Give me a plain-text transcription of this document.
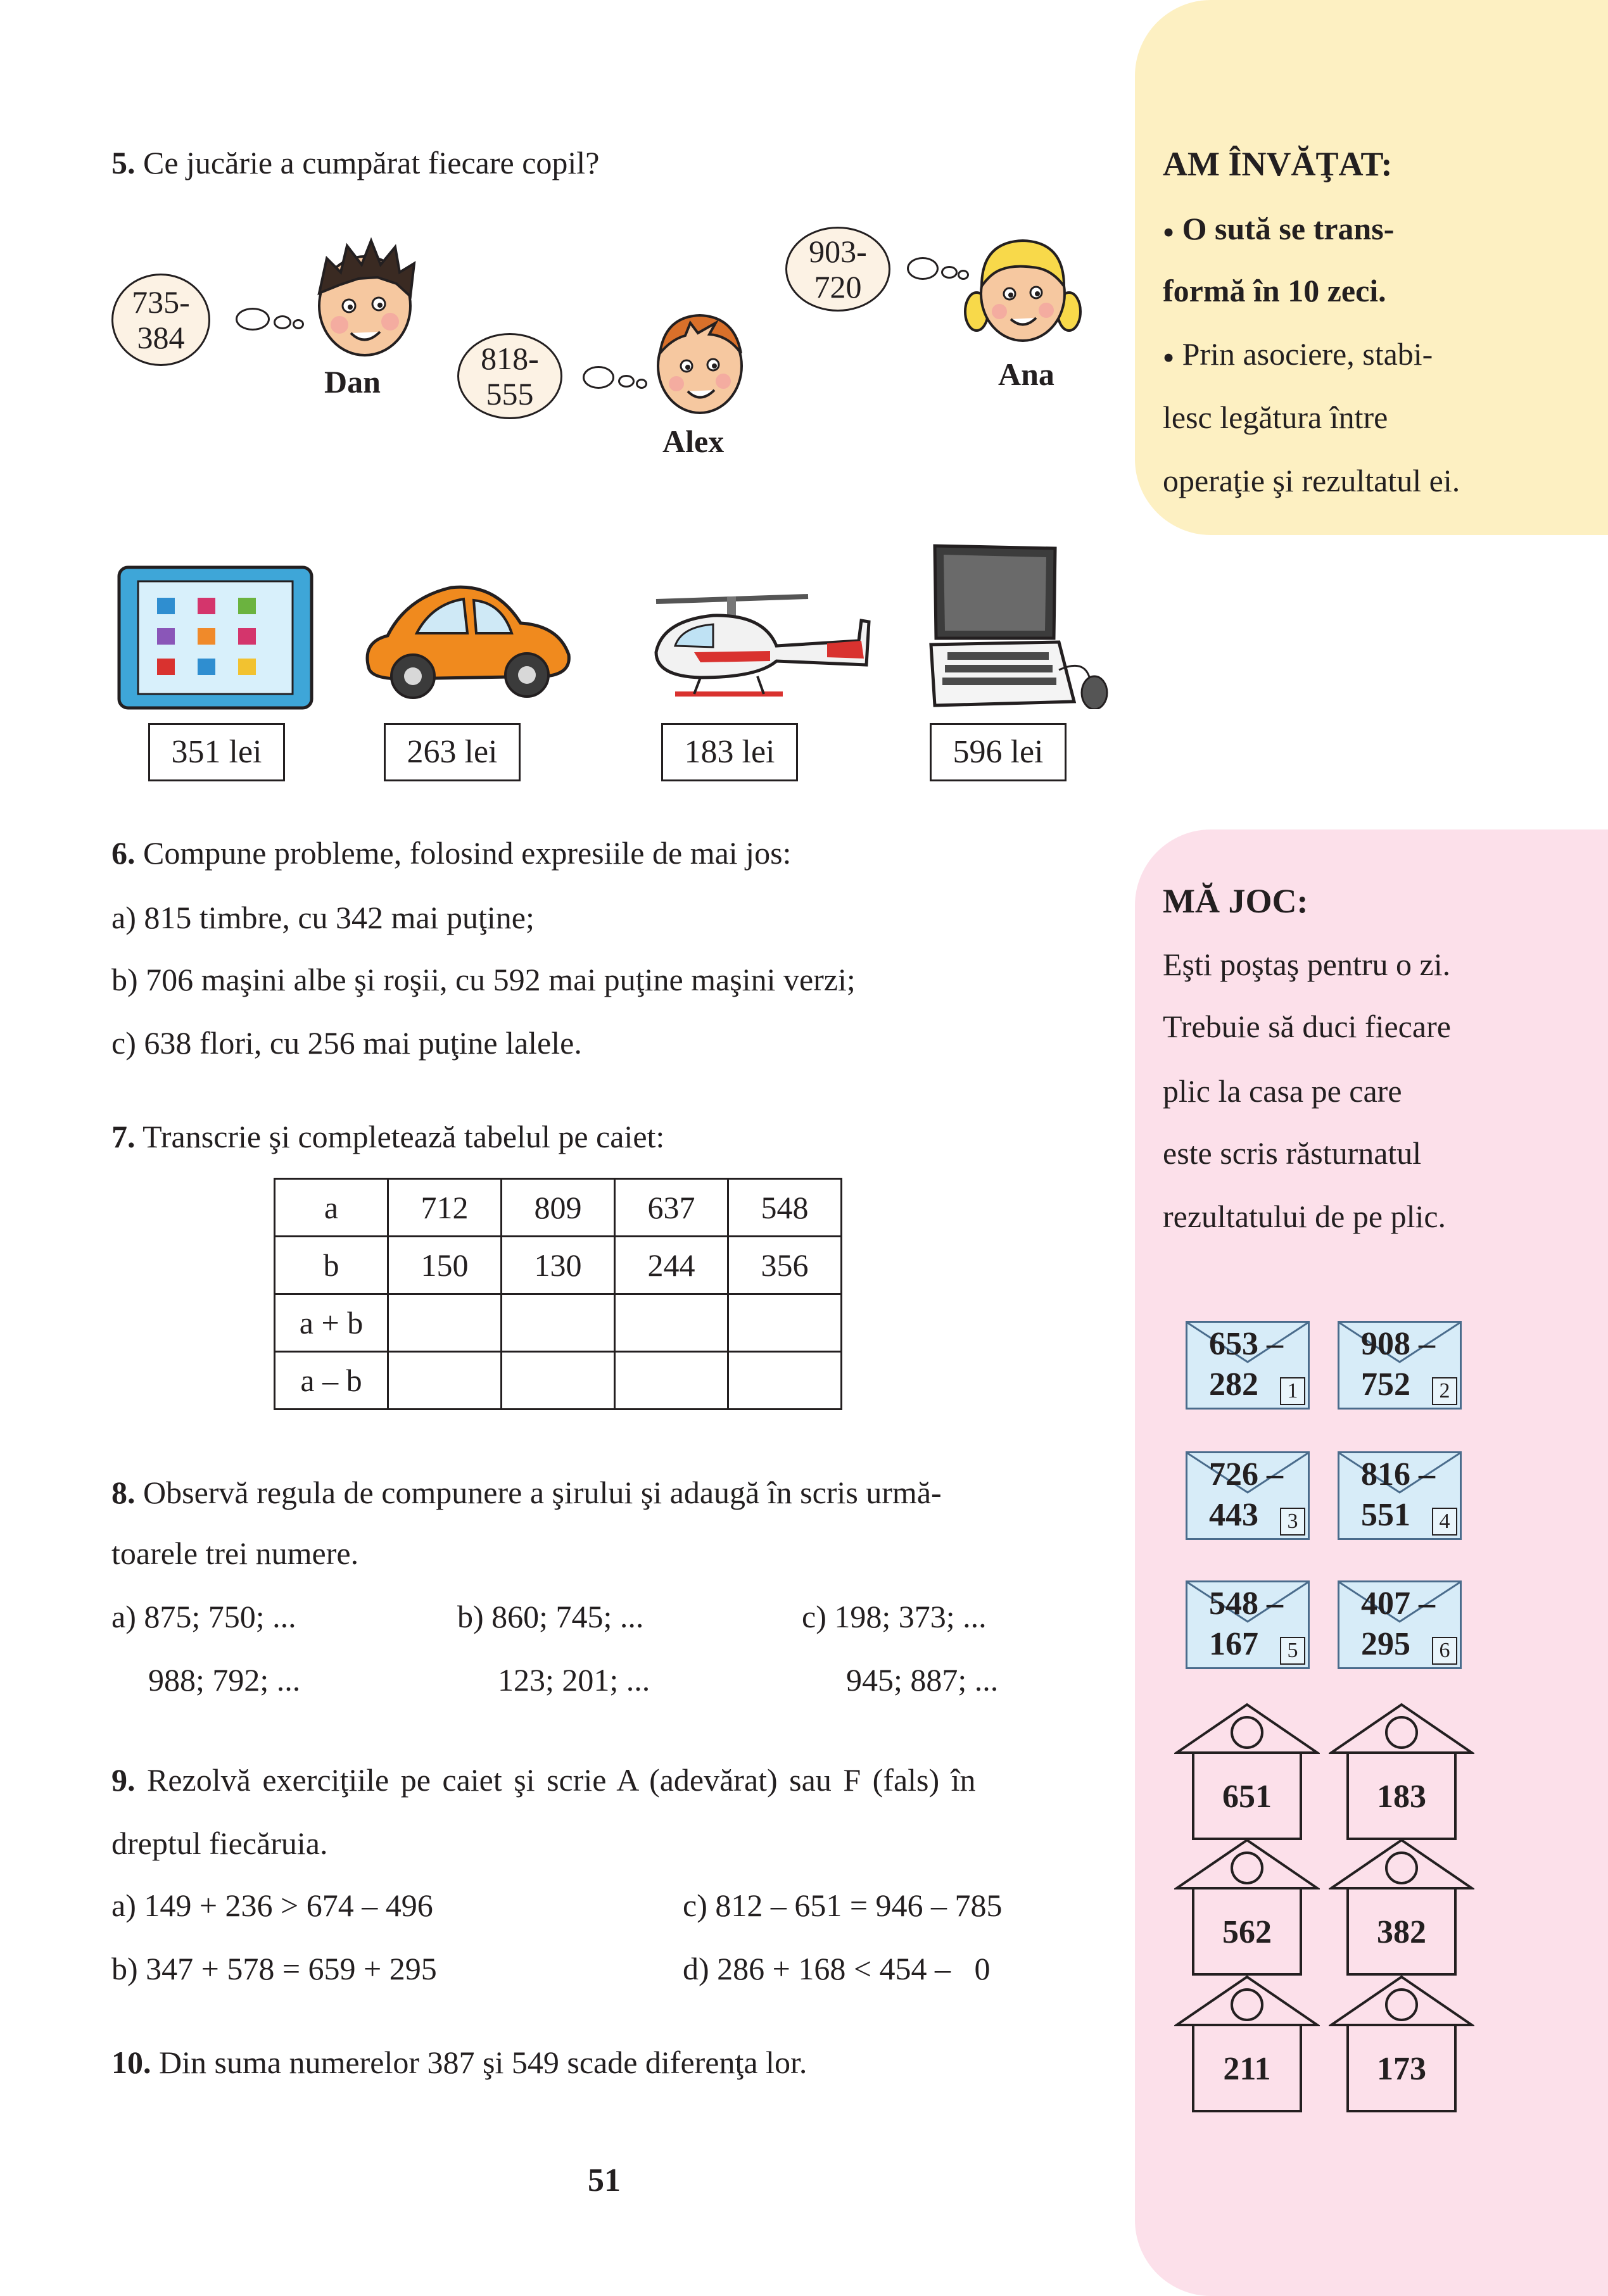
5. Ce jucărie a cumpărat fiecare copil?
735-
384
Dan
818-
555
Alex
903-
720
Ana
AM ÎNVĂŢAT:
● O sută se trans-
formă în 10 zeci.
● Prin asociere, stabi-
lesc legătura între
operaţie şi rezultatul ei.
351 lei	263 lei	183 lei	596 lei
6. Compune probleme, folosind expresiile de mai jos:
a) 815 timbre, cu 342 mai puţine;
b) 706 maşini albe şi roşii, cu 592 mai puţine maşini verzi;
c) 638 flori, cu 256 mai puţine lalele.
7. Transcrie şi completează tabelul pe caiet:
a	712	809	637	548
b	150	130	244	356
a + b				
a – b				
8. Observă regula de compunere a şirului şi adaugă în scris urmă-
toarele trei numere.
a) 875; 750; ...	b) 860; 745; ...	c) 198; 373; ...
988; 792; ...	123; 201; ...	945; 887; ...
9. Rezolvă exerciţiile pe caiet şi scrie A (adevărat) sau F (fals) în
dreptul fiecăruia.
a) 149 + 236 > 674 – 496	c) 812 – 651 = 946 – 785
b) 347 + 578 = 659 + 295	d) 286 + 168 < 454 –   0
10. Din suma numerelor 387 şi 549 scade diferenţa lor.
51
MĂ JOC:
Eşti poştaş pentru o zi.
Trebuie să duci fiecare
plic la casa pe care
este scris răsturnatul
rezultatului de pe plic.
653 –
282	1
908 –
752	2
726 –
443	3
816 –
551	4
548 –
167	5
407 –
295	6
651	183
562	382
211	173
